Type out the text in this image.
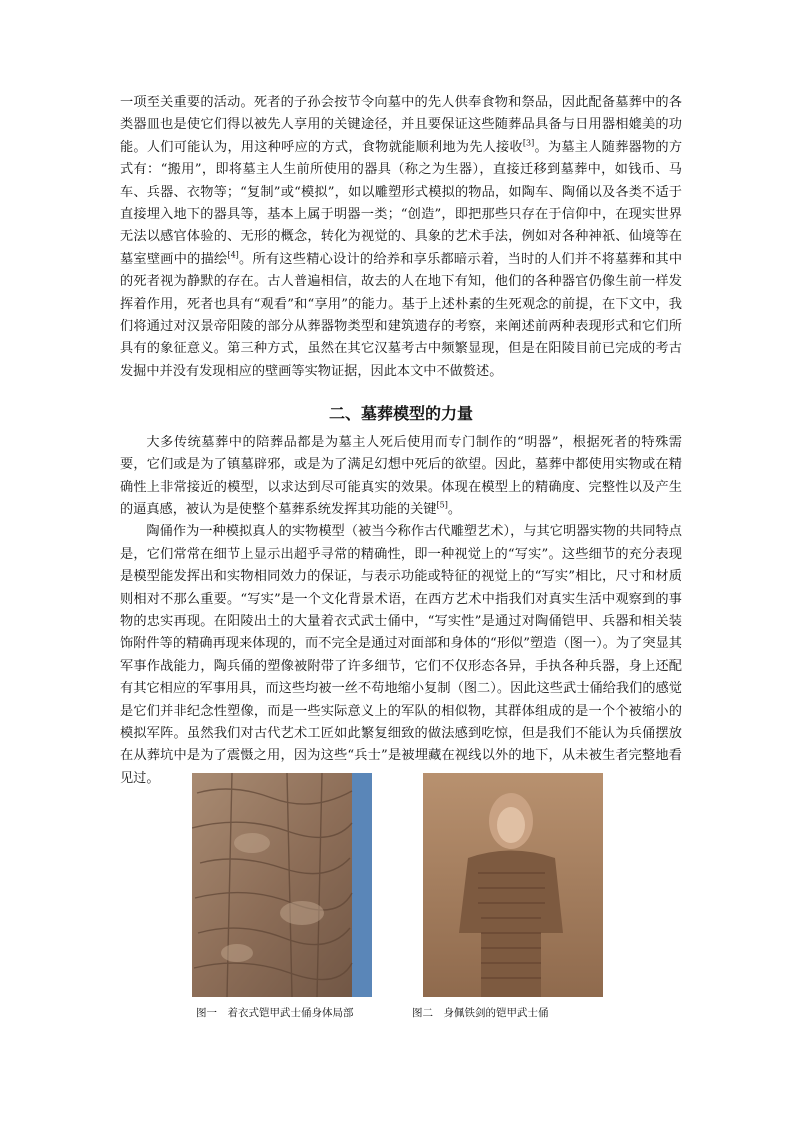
一项至关重要的活动。死者的子孙会按节令向墓中的先人供奉食物和祭品，因此配备墓葬中的各类器皿也是使它们得以被先人享用的关键途径，并且要保证这些随葬品具备与日用器相媲美的功能。人们可能认为，用这种呼应的方式，食物就能顺利地为先人接收[3]。为墓主人随葬器物的方式有：“搬用”，即将墓主人生前所使用的器具（称之为生器），直接迁移到墓葬中，如钱币、马车、兵器、衣物等；“复制”或“模拟”，如以雕塑形式模拟的物品，如陶车、陶俑以及各类不适于直接埋入地下的器具等，基本上属于明器一类；“创造”，即把那些只存在于信仰中，在现实世界无法以感官体验的、无形的概念，转化为视觉的、具象的艺术手法，例如对各种神祇、仙境等在墓室壁画中的描绘[4]。所有这些精心设计的给养和享乐都暗示着，当时的人们并不将墓葬和其中的死者视为静默的存在。古人普遍相信，故去的人在地下有知，他们的各种器官仍像生前一样发挥着作用，死者也具有“观看”和“享用”的能力。基于上述朴素的生死观念的前提，在下文中，我们将通过对汉景帝阳陵的部分从葬器物类型和建筑遗存的考察，来阐述前两种表现形式和它们所具有的象征意义。第三种方式，虽然在其它汉墓考古中频繁显现，但是在阳陵目前已完成的考古发掘中并没有发现相应的壁画等实物证据，因此本文中不做赘述。

二、墓葬模型的力量

大多传统墓葬中的陪葬品都是为墓主人死后使用而专门制作的“明器”，根据死者的特殊需要，它们或是为了镇墓辟邪，或是为了满足幻想中死后的欲望。因此，墓葬中都使用实物或在精确性上非常接近的模型，以求达到尽可能真实的效果。体现在模型上的精确度、完整性以及产生的逼真感，被认为是使整个墓葬系统发挥其功能的关键[5]。

陶俑作为一种模拟真人的实物模型（被当今称作古代雕塑艺术），与其它明器实物的共同特点是，它们常常在细节上显示出超乎寻常的精确性，即一种视觉上的“写实”。这些细节的充分表现是模型能发挥出和实物相同效力的保证，与表示功能或特征的视觉上的“写实”相比，尺寸和材质则相对不那么重要。“写实”是一个文化背景术语，在西方艺术中指我们对真实生活中观察到的事物的忠实再现。在阳陵出土的大量着衣式武士俑中，“写实性”是通过对陶俑铠甲、兵器和相关装饰附件等的精确再现来体现的，而不完全是通过对面部和身体的“形似”塑造（图一）。为了突显其军事作战能力，陶兵俑的塑像被附带了许多细节，它们不仅形态各异，手执各种兵器，身上还配有其它相应的军事用具，而这些均被一丝不苟地缩小复制（图二）。因此这些武士俑给我们的感觉是它们并非纪念性塑像，而是一些实际意义上的军队的相似物，其群体组成的是一个个被缩小的模拟军阵。虽然我们对古代艺术工匠如此繁复细致的做法感到吃惊，但是我们不能认为兵俑摆放在从葬坑中是为了震慑之用，因为这些“兵士”是被埋藏在视线以外的地下，从未被生者完整地看见过。

图一　着衣式铠甲武士俑身体局部	图二　身佩铁剑的铠甲武士俑
